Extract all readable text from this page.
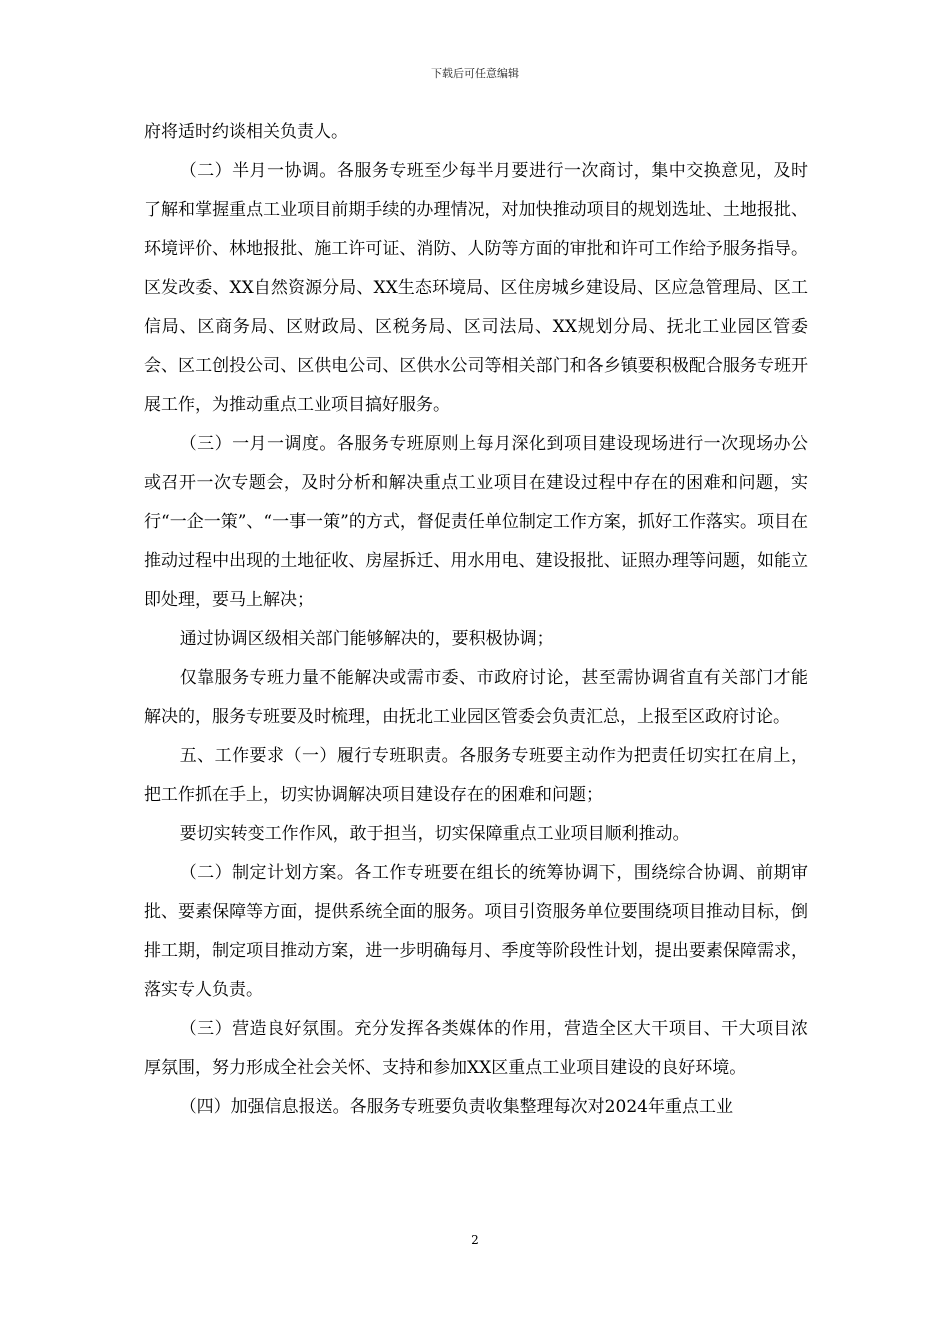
下载后可任意编辑

府将适时约谈相关负责人。

（二）半月一协调。各服务专班至少每半月要进行一次商讨，集中交换意见，及时了解和掌握重点工业项目前期手续的办理情况，对加快推动项目的规划选址、土地报批、环境评价、林地报批、施工许可证、消防、人防等方面的审批和许可工作给予服务指导。区发改委、XX自然资源分局、XX生态环境局、区住房城乡建设局、区应急管理局、区工信局、区商务局、区财政局、区税务局、区司法局、XX规划分局、抚北工业园区管委会、区工创投公司、区供电公司、区供水公司等相关部门和各乡镇要积极配合服务专班开展工作，为推动重点工业项目搞好服务。

（三）一月一调度。各服务专班原则上每月深化到项目建设现场进行一次现场办公或召开一次专题会，及时分析和解决重点工业项目在建设过程中存在的困难和问题，实行“一企一策”、“一事一策”的方式，督促责任单位制定工作方案，抓好工作落实。项目在推动过程中出现的土地征收、房屋拆迁、用水用电、建设报批、证照办理等问题，如能立即处理，要马上解决；

通过协调区级相关部门能够解决的，要积极协调；

仅靠服务专班力量不能解决或需市委、市政府讨论，甚至需协调省直有关部门才能解决的，服务专班要及时梳理，由抚北工业园区管委会负责汇总，上报至区政府讨论。

五、工作要求（一）履行专班职责。各服务专班要主动作为把责任切实扛在肩上，把工作抓在手上，切实协调解决项目建设存在的困难和问题；

要切实转变工作作风，敢于担当，切实保障重点工业项目顺利推动。

（二）制定计划方案。各工作专班要在组长的统筹协调下，围绕综合协调、前期审批、要素保障等方面，提供系统全面的服务。项目引资服务单位要围绕项目推动目标，倒排工期，制定项目推动方案，进一步明确每月、季度等阶段性计划，提出要素保障需求，落实专人负责。

（三）营造良好氛围。充分发挥各类媒体的作用，营造全区大干项目、干大项目浓厚氛围，努力形成全社会关怀、支持和参加XX区重点工业项目建设的良好环境。

（四）加强信息报送。各服务专班要负责收集整理每次对2024年重点工业

2
